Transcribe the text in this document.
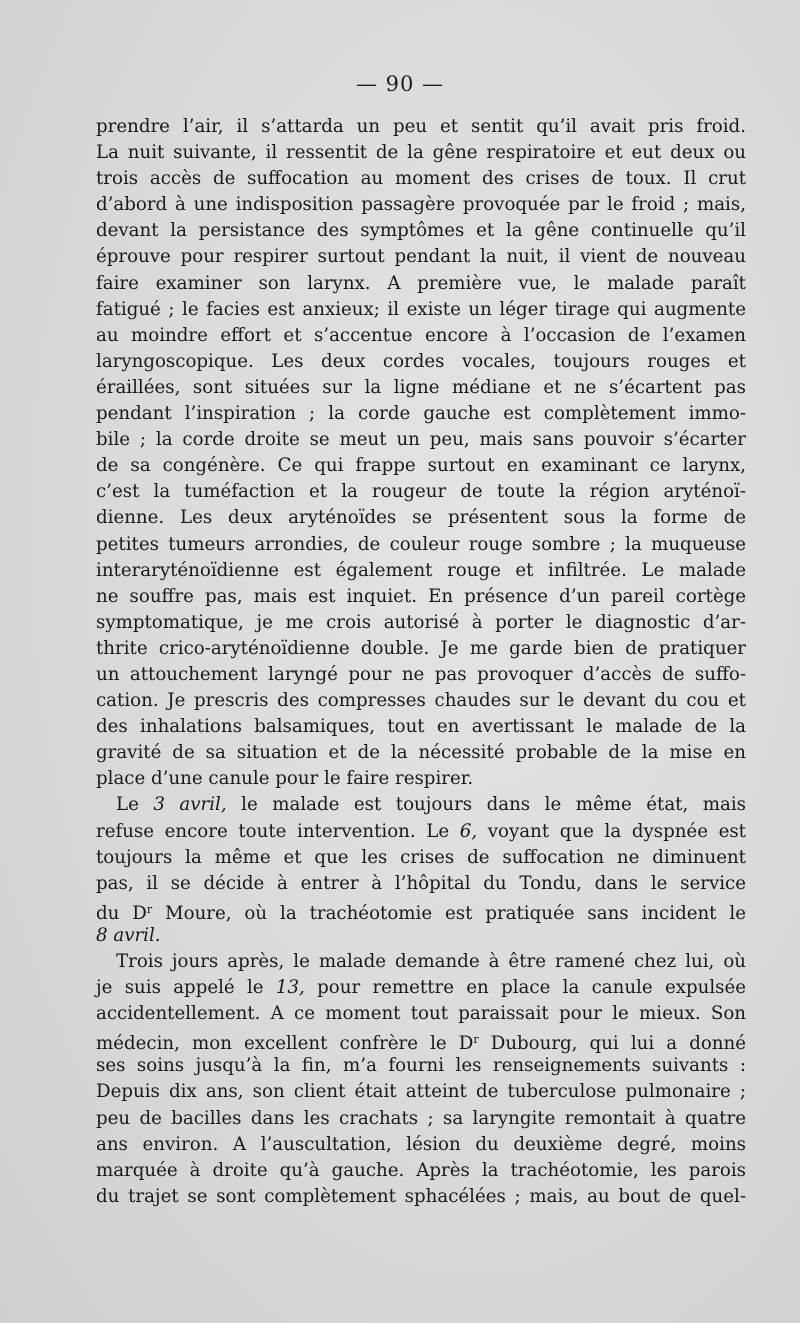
— 90 —
prendre l’air, il s’attarda un peu et sentit qu’il avait pris froid.
La nuit suivante, il ressentit de la gêne respiratoire et eut deux ou
trois accès de suffocation au moment des crises de toux. Il crut
d’abord à une indisposition passagère provoquée par le froid ; mais,
devant la persistance des symptômes et la gêne continuelle qu’il
éprouve pour respirer surtout pendant la nuit, il vient de nouveau
faire examiner son larynx. A première vue, le malade paraît
fatigué ; le facies est anxieux; il existe un léger tirage qui augmente
au moindre effort et s’accentue encore à l’occasion de l’examen
laryngoscopique. Les deux cordes vocales, toujours rouges et
éraillées, sont situées sur la ligne médiane et ne s’écartent pas
pendant l’inspiration ; la corde gauche est complètement immo-
bile ; la corde droite se meut un peu, mais sans pouvoir s’écarter
de sa congénère. Ce qui frappe surtout en examinant ce larynx,
c’est la tuméfaction et la rougeur de toute la région aryténoï-
dienne. Les deux aryténoïdes se présentent sous la forme de
petites tumeurs arrondies, de couleur rouge sombre ; la muqueuse
interaryténoïdienne est également rouge et infiltrée. Le malade
ne souffre pas, mais est inquiet. En présence d’un pareil cortège
symptomatique, je me crois autorisé à porter le diagnostic d’ar-
thrite crico-aryténoïdienne double. Je me garde bien de pratiquer
un attouchement laryngé pour ne pas provoquer d’accès de suffo-
cation. Je prescris des compresses chaudes sur le devant du cou et
des inhalations balsamiques, tout en avertissant le malade de la
gravité de sa situation et de la nécessité probable de la mise en
place d’une canule pour le faire respirer.
Le 3 avril, le malade est toujours dans le même état, mais
refuse encore toute intervention. Le 6, voyant que la dyspnée est
toujours la même et que les crises de suffocation ne diminuent
pas, il se décide à entrer à l’hôpital du Tondu, dans le service
du $D^r$ Moure, où la trachéotomie est pratiquée sans incident le
8 avril.
Trois jours après, le malade demande à être ramené chez lui, où
je suis appelé le 13, pour remettre en place la canule expulsée
accidentellement. A ce moment tout paraissait pour le mieux. Son
médecin, mon excellent confrère le $D^r$ Dubourg, qui lui a donné
ses soins jusqu’à la fin, m’a fourni les renseignements suivants :
Depuis dix ans, son client était atteint de tuberculose pulmonaire ;
peu de bacilles dans les crachats ; sa laryngite remontait à quatre
ans environ. A l’auscultation, lésion du deuxième degré, moins
marquée à droite qu’à gauche. Après la trachéotomie, les parois
du trajet se sont complètement sphacélées ; mais, au bout de quel-
